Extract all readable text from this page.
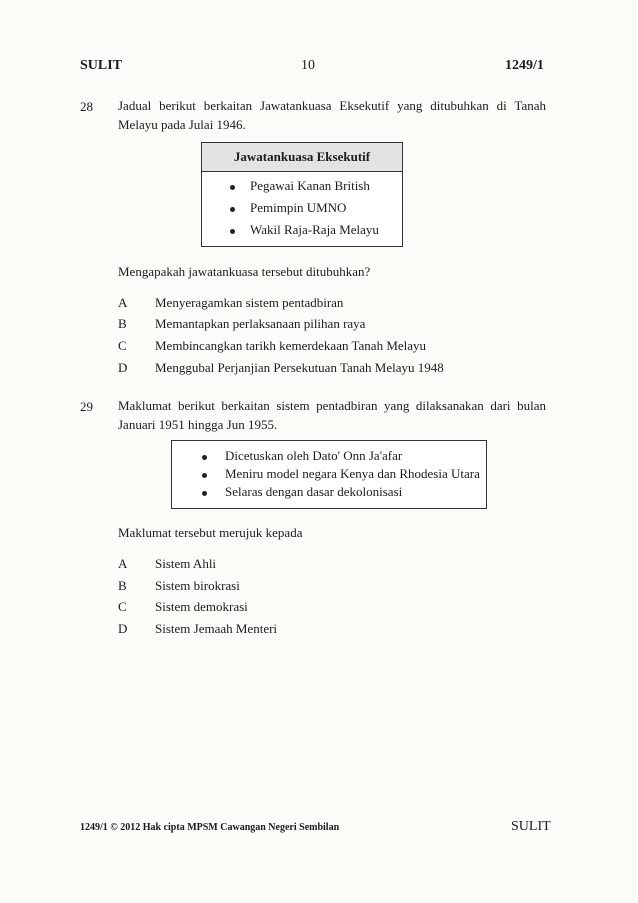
SULIT	10	1249/1
28 Jadual berikut berkaitan Jawatankuasa Eksekutif yang ditubuhkan di Tanah
Melayu pada Julai 1946.
Jawatankuasa Eksekutif
Pegawai Kanan British
Pemimpin UMNO
Wakil Raja-Raja Melayu
Mengapakah jawatankuasa tersebut ditubuhkan?
A Menyeragamkan sistem pentadbiran
B Memantapkan perlaksanaan pilihan raya
C Membincangkan tarikh kemerdekaan Tanah Melayu
D Menggubal Perjanjian Persekutuan Tanah Melayu 1948
29 Maklumat berikut berkaitan sistem pentadbiran yang dilaksanakan dari bulan
Januari 1951 hingga Jun 1955.
Dicetuskan oleh Dato' Onn Ja'afar
Meniru model negara Kenya dan Rhodesia Utara
Selaras dengan dasar dekolonisasi
Maklumat tersebut merujuk kepada
A Sistem Ahli
B Sistem birokrasi
C Sistem demokrasi
D Sistem Jemaah Menteri
1249/1 © 2012 Hak cipta MPSM Cawangan Negeri Sembilan	SULIT
